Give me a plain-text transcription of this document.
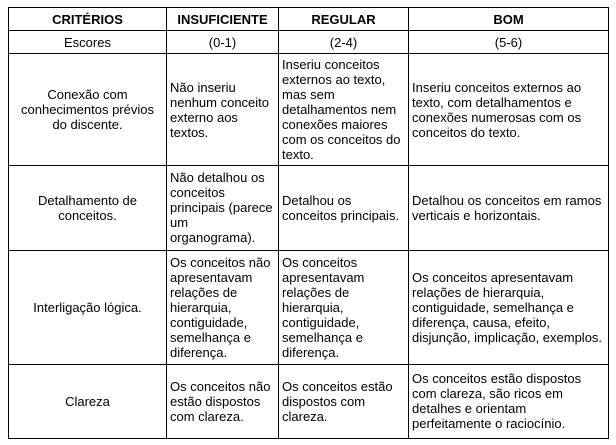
CRITÉRIOS	INSUFICIENTE	REGULAR	BOM
Escores	(0-1)	(2-4)	(5-6)
Conexão com conhecimentos prévios do discente.	Não inseriu nenhum conceito externo aos textos.	Inseriu conceitos externos ao texto, mas sem detalhamentos nem conexões maiores com os conceitos do texto.	Inseriu conceitos externos ao texto, com detalhamentos e conexões numerosas com os conceitos do texto.
Detalhamento de conceitos.	Não detalhou os conceitos principais (parece um organograma).	Detalhou os conceitos principais.	Detalhou os conceitos em ramos verticais e horizontais.
Interligação lógica.	Os conceitos não apresentavam relações de hierarquia, contiguidade, semelhança e diferença.	Os conceitos apresentavam relações de hierarquia, contiguidade, semelhança e diferença.	Os conceitos apresentavam relações de hierarquia, contiguidade, semelhança e diferença, causa, efeito, disjunção, implicação, exemplos.
Clareza	Os conceitos não estão dispostos com clareza.	Os conceitos estão dispostos com clareza.	Os conceitos estão dispostos com clareza, são ricos em detalhes e orientam perfeitamente o raciocínio.
